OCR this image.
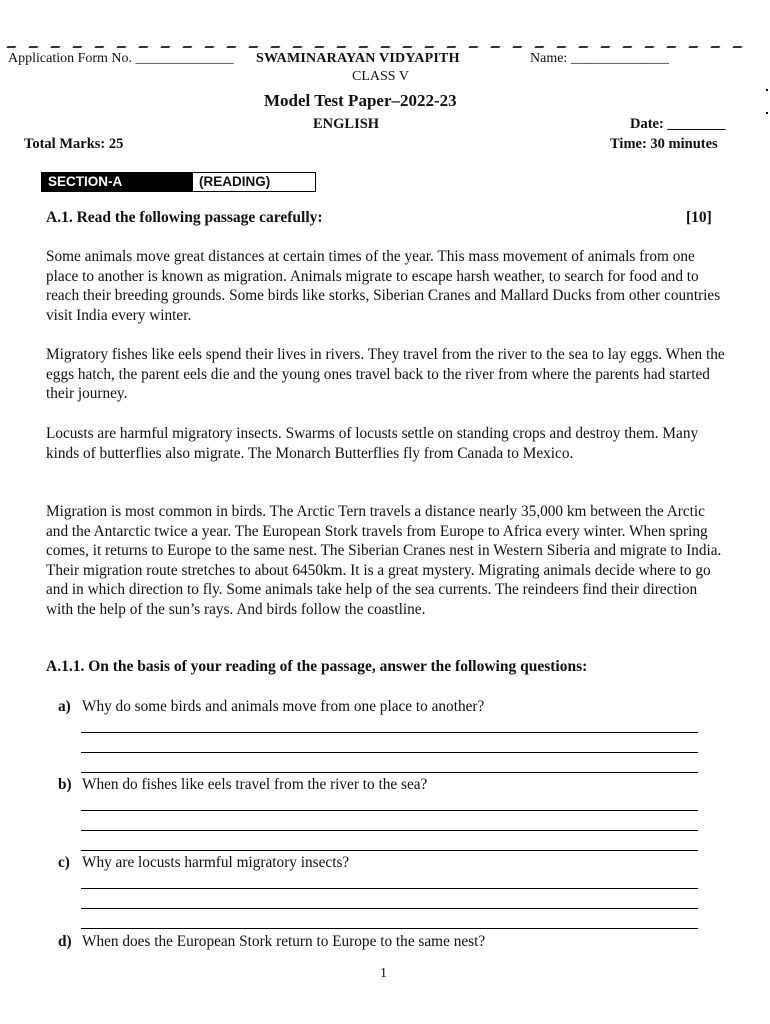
Application Form No. ______________ SWAMINARAYAN VIDYAPITH	Name: ______________
CLASS V
Model Test Paper–2022-23
ENGLISH	Date: ________
Total Marks: 25	Time: 30 minutes
SECTION-A	(READING)
A.1. Read the following passage carefully:	[10]

Some animals move great distances at certain times of the year. This mass movement of animals from one place to another is known as migration. Animals migrate to escape harsh weather, to search for food and to reach their breeding grounds. Some birds like storks, Siberian Cranes and Mallard Ducks from other countries visit India every winter.

Migratory fishes like eels spend their lives in rivers. They travel from the river to the sea to lay eggs. When the eggs hatch, the parent eels die and the young ones travel back to the river from where the parents had started their journey.

Locusts are harmful migratory insects. Swarms of locusts settle on standing crops and destroy them. Many kinds of butterflies also migrate. The Monarch Butterflies fly from Canada to Mexico.

Migration is most common in birds. The Arctic Tern travels a distance nearly 35,000 km between the Arctic and the Antarctic twice a year. The European Stork travels from Europe to Africa every winter. When spring comes, it returns to Europe to the same nest. The Siberian Cranes nest in Western Siberia and migrate to India. Their migration route stretches to about 6450km. It is a great mystery. Migrating animals decide where to go and in which direction to fly. Some animals take help of the sea currents. The reindeers find their direction with the help of the sun’s rays. And birds follow the coastline.

A.1.1. On the basis of your reading of the passage, answer the following questions:
a) Why do some birds and animals move from one place to another?
b) When do fishes like eels travel from the river to the sea?
c) Why are locusts harmful migratory insects?
d) When does the European Stork return to Europe to the same nest?
1
